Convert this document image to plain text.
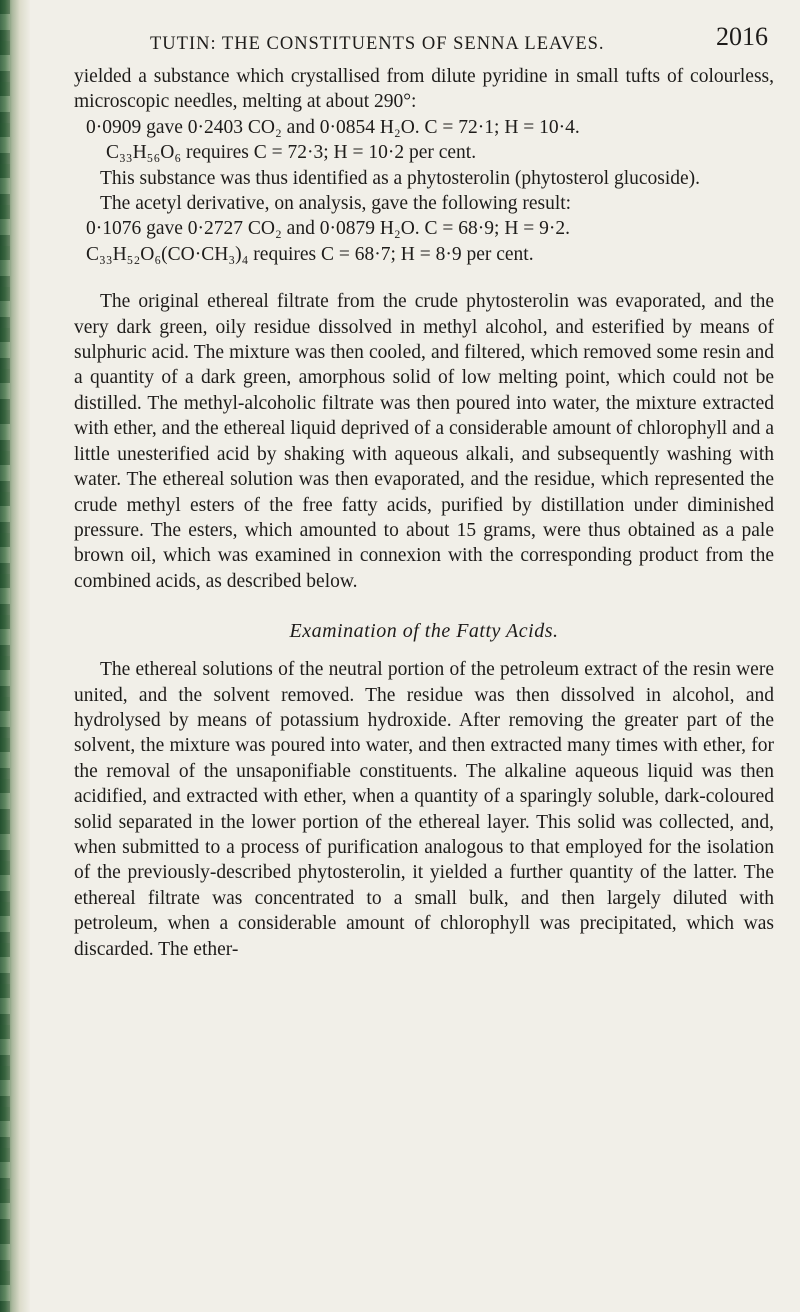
TUTIN: THE CONSTITUENTS OF SENNA LEAVES.	2016

yielded a substance which crystallised from dilute pyridine in small tufts of colourless, microscopic needles, melting at about 290°:

0·0909 gave 0·2403 CO₂ and 0·0854 H₂O. C = 72·1; H = 10·4.
C₃₃H₅₆O₆ requires C = 72·3; H = 10·2 per cent.

This substance was thus identified as a phytosterolin (phytosterol glucoside).

The acetyl derivative, on analysis, gave the following result:

0·1076 gave 0·2727 CO₂ and 0·0879 H₂O. C = 68·9; H = 9·2.
C₃₃H₅₂O₆(CO·CH₃)₄ requires C = 68·7; H = 8·9 per cent.

The original ethereal filtrate from the crude phytosterolin was evaporated, and the very dark green, oily residue dissolved in methyl alcohol, and esterified by means of sulphuric acid. The mixture was then cooled, and filtered, which removed some resin and a quantity of a dark green, amorphous solid of low melting point, which could not be distilled. The methyl-alcoholic filtrate was then poured into water, the mixture extracted with ether, and the ethereal liquid deprived of a considerable amount of chlorophyll and a little unesterified acid by shaking with aqueous alkali, and subsequently washing with water. The ethereal solution was then evaporated, and the residue, which represented the crude methyl esters of the free fatty acids, purified by distillation under diminished pressure. The esters, which amounted to about 15 grams, were thus obtained as a pale brown oil, which was examined in connexion with the corresponding product from the combined acids, as described below.

Examination of the Fatty Acids.

The ethereal solutions of the neutral portion of the petroleum extract of the resin were united, and the solvent removed. The residue was then dissolved in alcohol, and hydrolysed by means of potassium hydroxide. After removing the greater part of the solvent, the mixture was poured into water, and then extracted many times with ether, for the removal of the unsaponifiable constituents. The alkaline aqueous liquid was then acidified, and extracted with ether, when a quantity of a sparingly soluble, dark-coloured solid separated in the lower portion of the ethereal layer. This solid was collected, and, when submitted to a process of purification analogous to that employed for the isolation of the previously-described phytosterolin, it yielded a further quantity of the latter. The ethereal filtrate was concentrated to a small bulk, and then largely diluted with petroleum, when a considerable amount of chlorophyll was precipitated, which was discarded. The ether-
